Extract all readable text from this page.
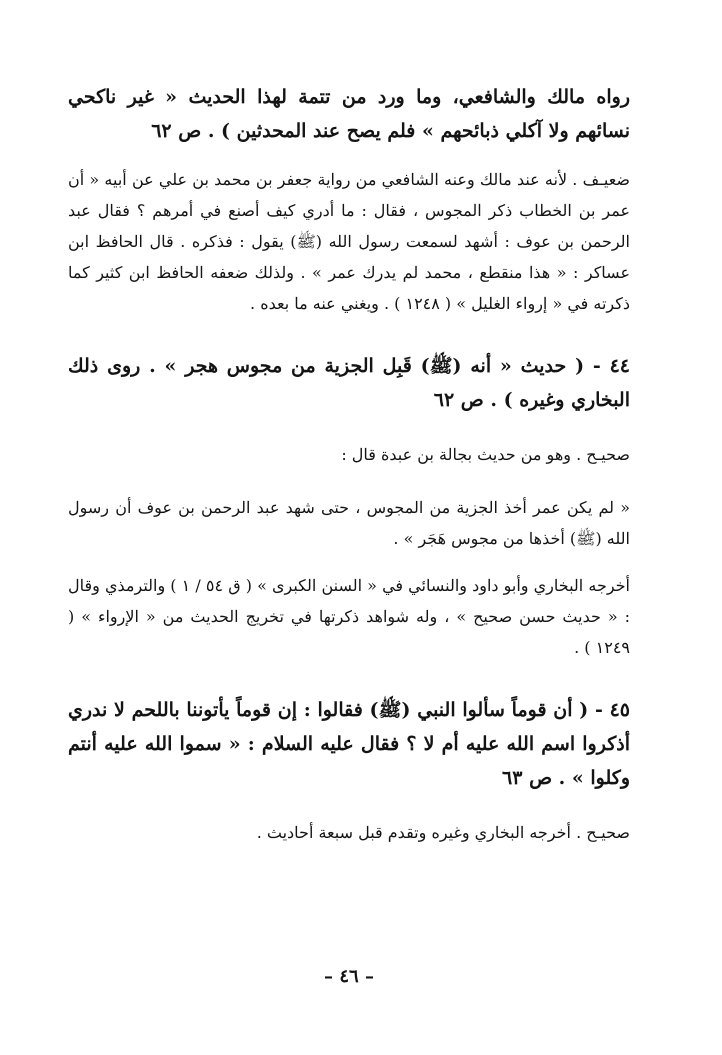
رواه مالك والشافعي، وما ورد من تتمة لهذا الحديث « غير ناكحي نسائهم ولا آكلي ذبائحهم » فلم يصح عند المحدثين ) . ص ٦٢

ضعيـف . لأنه عند مالك وعنه الشافعي من رواية جعفر بن محمد بن علي عن أبيه « أن عمر بن الخطاب ذكر المجوس ، فقال : ما أدري كيف أصنع في أمرهم ؟ فقال عبد الرحمن بن عوف : أشهد لسمعت رسول الله (ﷺ) يقول : فذكره . قال الحافظ ابن عساكر : « هذا منقطع ، محمد لم يدرك عمر » . ولذلك ضعفه الحافظ ابن كثير كما ذكرته في « إرواء الغليل » ( ١٢٤٨ ) . ويغني عنه ما بعده .

٤٤ - ( حديث « أنه (ﷺ) قَبِل الجزية من مجوس هجر » . روى ذلك البخاري وغيره ) . ص ٦٢

صحيـح . وهو من حديث بجالة بن عبدة قال :

« لم يكن عمر أخذ الجزية من المجوس ، حتى شهد عبد الرحمن بن عوف أن رسول الله (ﷺ) أخذها من مجوس هَجَر » .

أخرجه البخاري وأبو داود والنسائي في « السنن الكبرى » ( ق ٥٤ / ١ ) والترمذي وقال : « حديث حسن صحيح » ، وله شواهد ذكرتها في تخريج الحديث من « الإرواء » ( ١٢٤٩ ) .

٤٥ - ( أن قوماً سألوا النبي (ﷺ) فقالوا : إن قوماً يأتوننا باللحم لا ندري أذكروا اسم الله عليه أم لا ؟ فقال عليه السلام : « سموا الله عليه أنتم وكلوا » . ص ٦٣

صحيـح . أخرجه البخاري وغيره وتقدم قبل سبعة أحاديث .

– ٤٦ –
